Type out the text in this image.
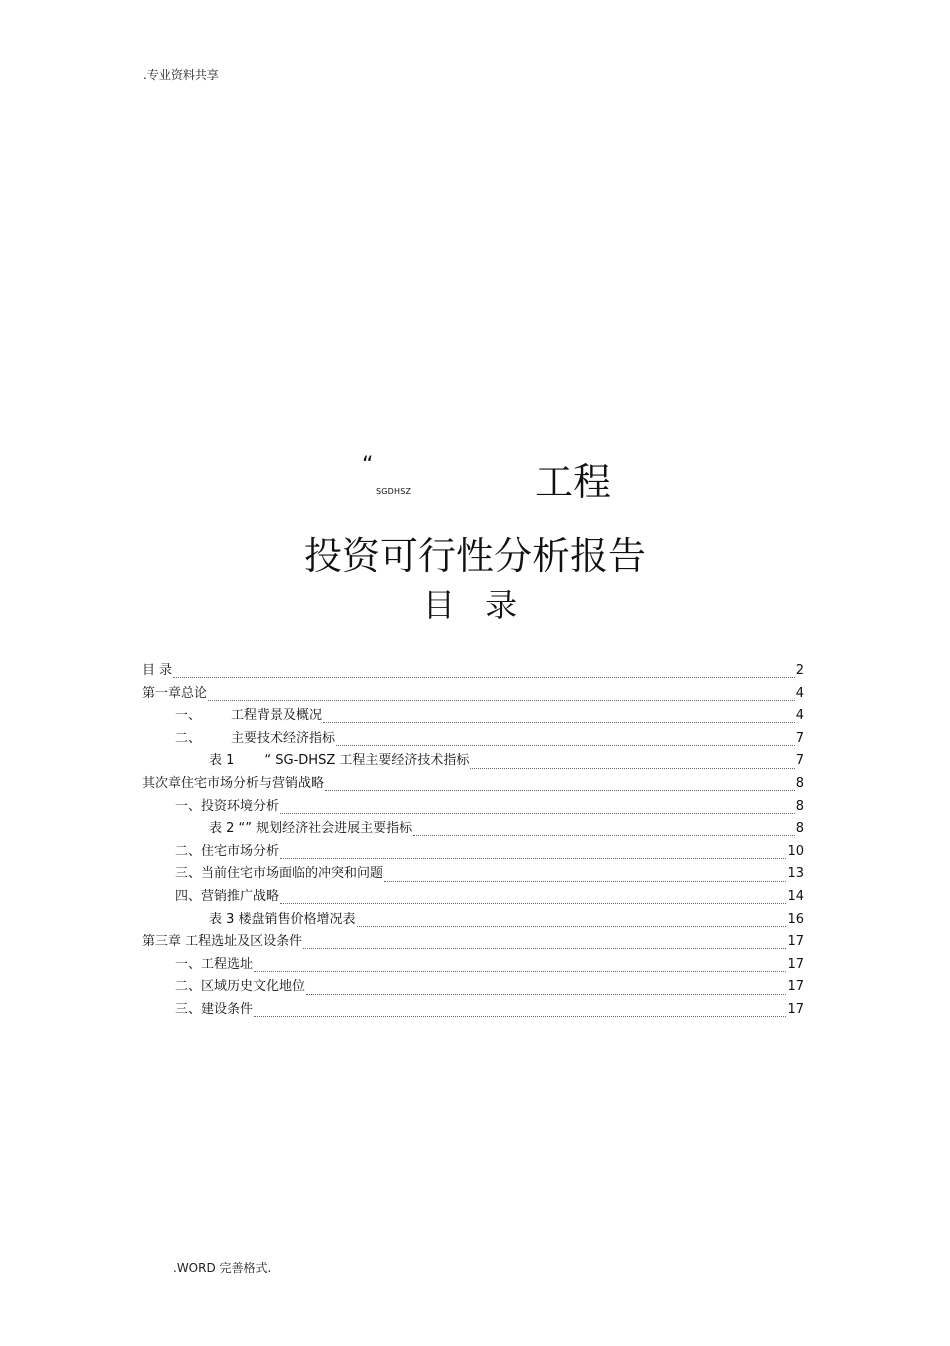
.专业资料共享
“
SGDHSZ	工程
投资可行性分析报告
目 录
目 录	2
第一章总论	4
一、 工程背景及概况	4
二、 主要技术经济指标	7
表 1 “ SG-DHSZ 工程主要经济技术指标	7
其次章住宅市场分析与营销战略	8
一、投资环境分析	8
表 2 “” 规划经济社会进展主要指标	8
二、住宅市场分析	10
三、当前住宅市场面临的冲突和问题	13
四、营销推广战略	14
表 3 楼盘销售价格增况表	16
第三章 工程选址及区设条件	17
一、工程选址	17
二、区域历史文化地位	17
三、建设条件	17
.WORD 完善格式.
